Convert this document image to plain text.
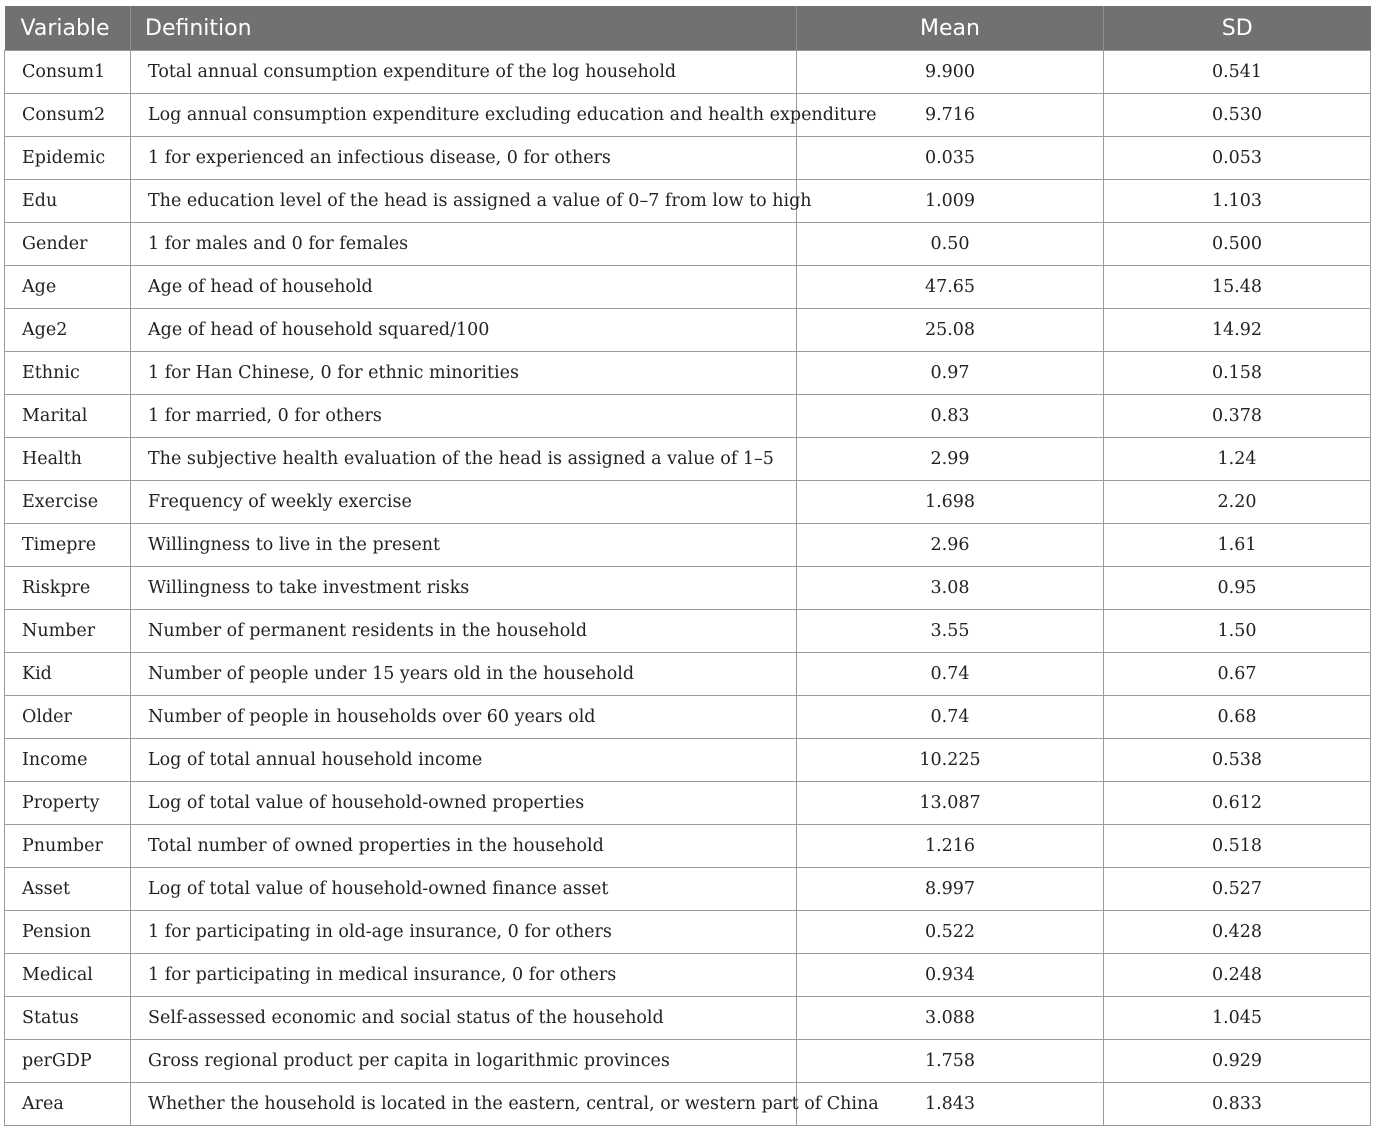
Variable	Definition	Mean	SD
Consum1	Total annual consumption expenditure of the log household	9.900	0.541
Consum2	Log annual consumption expenditure excluding education and health expenditure	9.716	0.530
Epidemic	1 for experienced an infectious disease, 0 for others	0.035	0.053
Edu	The education level of the head is assigned a value of 0–7 from low to high	1.009	1.103
Gender	1 for males and 0 for females	0.50	0.500
Age	Age of head of household	47.65	15.48
Age2	Age of head of household squared/100	25.08	14.92
Ethnic	1 for Han Chinese, 0 for ethnic minorities	0.97	0.158
Marital	1 for married, 0 for others	0.83	0.378
Health	The subjective health evaluation of the head is assigned a value of 1–5	2.99	1.24
Exercise	Frequency of weekly exercise	1.698	2.20
Timepre	Willingness to live in the present	2.96	1.61
Riskpre	Willingness to take investment risks	3.08	0.95
Number	Number of permanent residents in the household	3.55	1.50
Kid	Number of people under 15 years old in the household	0.74	0.67
Older	Number of people in households over 60 years old	0.74	0.68
Income	Log of total annual household income	10.225	0.538
Property	Log of total value of household-owned properties	13.087	0.612
Pnumber	Total number of owned properties in the household	1.216	0.518
Asset	Log of total value of household-owned finance asset	8.997	0.527
Pension	1 for participating in old-age insurance, 0 for others	0.522	0.428
Medical	1 for participating in medical insurance, 0 for others	0.934	0.248
Status	Self-assessed economic and social status of the household	3.088	1.045
perGDP	Gross regional product per capita in logarithmic provinces	1.758	0.929
Area	Whether the household is located in the eastern, central, or western part of China	1.843	0.833
